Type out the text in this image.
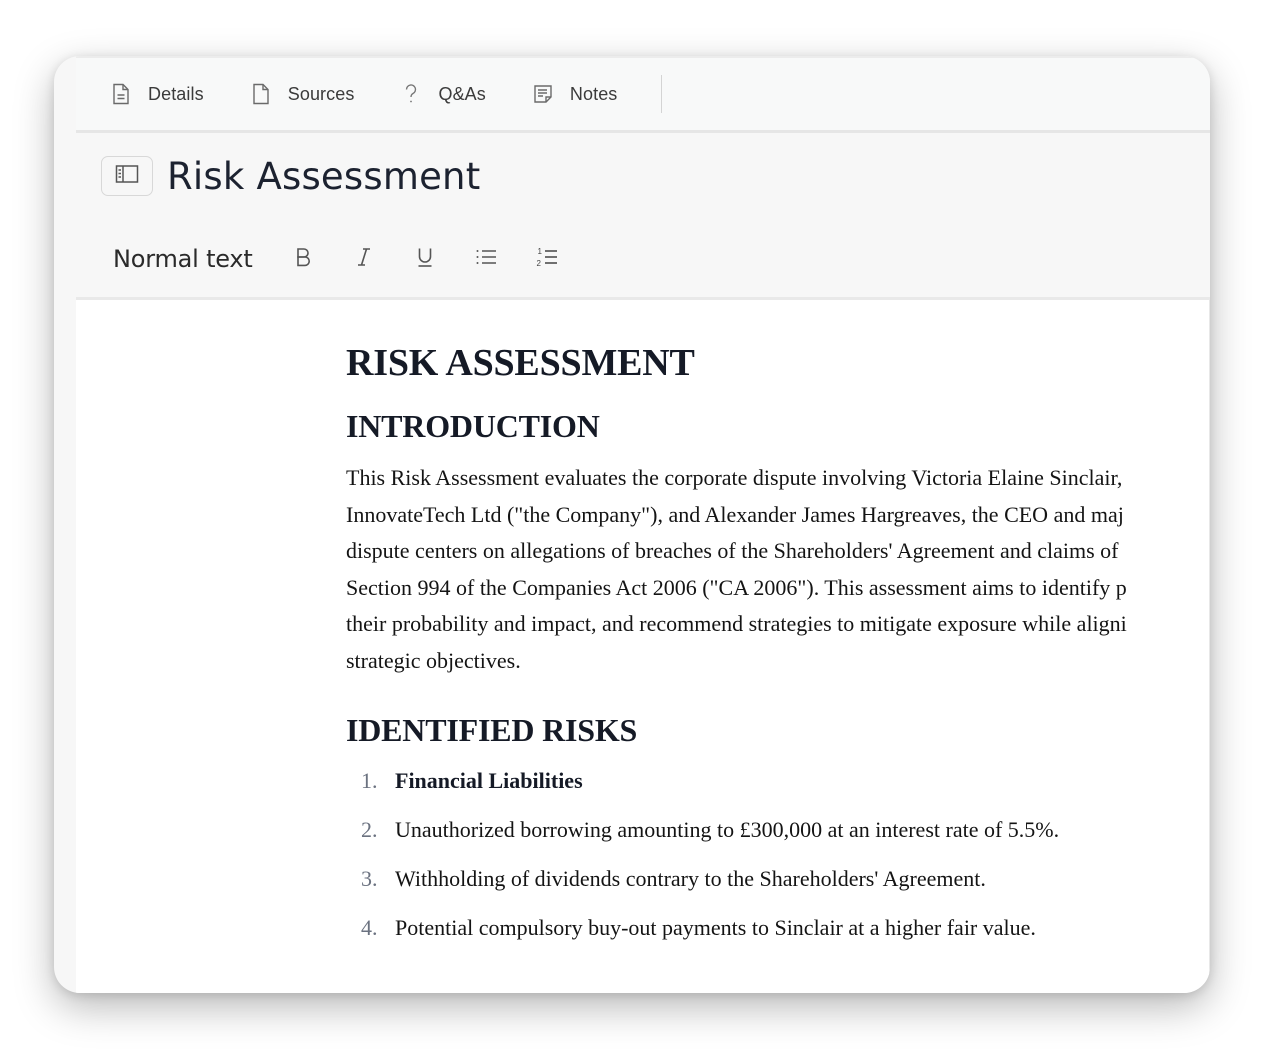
Details	Sources	Q&As	Notes
Risk Assessment
Normal text	1
2
RISK ASSESSMENT
INTRODUCTION

This Risk Assessment evaluates the corporate dispute involving Victoria Elaine Sinclair,
InnovateTech Ltd ("the Company"), and Alexander James Hargreaves, the CEO and maj
dispute centers on allegations of breaches of the Shareholders' Agreement and claims of
Section 994 of the Companies Act 2006 ("CA 2006"). This assessment aims to identify p
their probability and impact, and recommend strategies to mitigate exposure while aligni
strategic objectives.

IDENTIFIED RISKS
1. Financial Liabilities
2. Unauthorized borrowing amounting to £300,000 at an interest rate of 5.5%.
3. Withholding of dividends contrary to the Shareholders' Agreement.
4. Potential compulsory buy-out payments to Sinclair at a higher fair value.
